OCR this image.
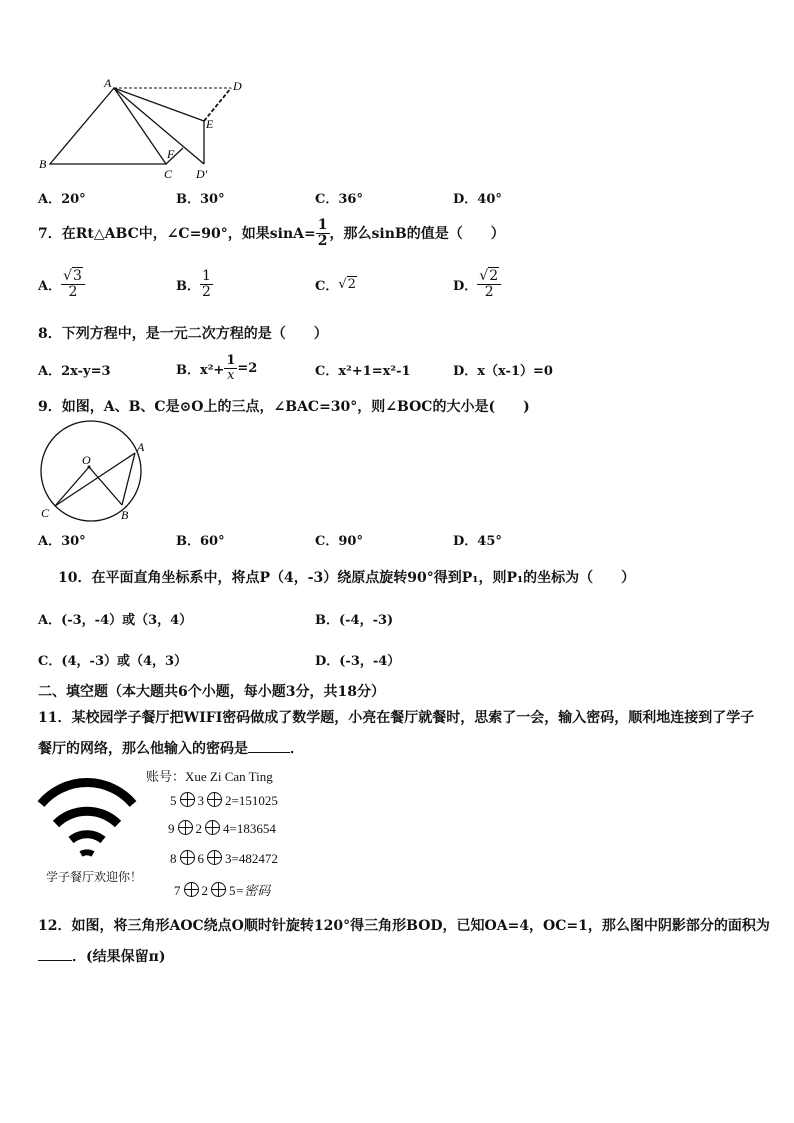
A	D
E
B
F
C D′
A．20°	B．30°	C．36°	D．40°
7．在Rt△ABC中，∠C=90°，如果$\sin A= \frac{1}{2}$ ，那么sinB的值是（　　）
A． $\frac{√3}{2}$	B． $\frac{1}{2}$	C． √2	D． $\frac{√2}{2}$
8．下列方程中，是一元二次方程的是（　　）
A．2x-y=3	B．$x^2+ \frac{1}{x} =2$	C．x²+1=x²-1	D．x（x-1）=0
9．如图，A、B、C是⊙O上的三点，∠BAC=30°，则∠BOC的大小是(　　)
O
A
C	B
A．30°	B．60°	C．90°	D．45°
10．在平面直角坐标系中，将点P（4，-3）绕原点旋转90°得到P₁，则P₁的坐标为（　　）
A．(-3，-4）或（3，4）	B．(-4，-3)
C．(4，-3）或（4，3）	D．(-3，-4）
二、填空题（本大题共6个小题，每小题3分，共18分）
11．某校园学子餐厅把WIFI密码做成了数学题，小亮在餐厅就餐时，思索了一会，输入密码，顺利地连接到了学子
餐厅的网络，那么他输入的密码是	．
学子餐厅欢迎你！
账号：Xue Zi Can Ting
5 3 2=151025
9 2 4=183654
8 6 3=482472
7 2 5=密码
12．如图，将三角形AOC绕点O顺时针旋转120°得三角形BOD，已知OA=4，OC=1，那么图中阴影部分的面积为
．(结果保留π)
